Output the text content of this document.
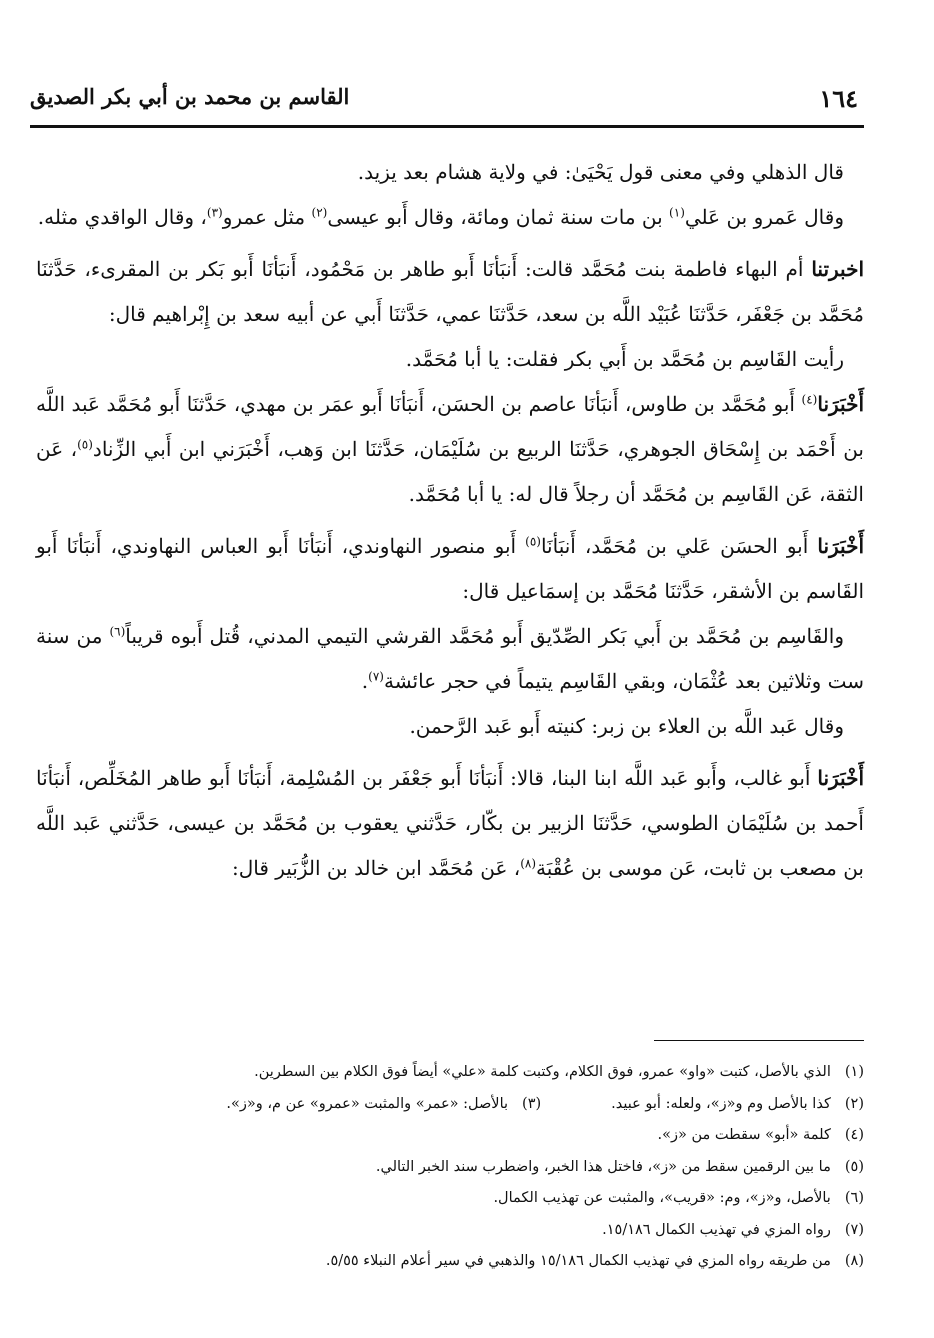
١٦٤
القاسم بن محمد بن أبي بكر الصديق

قال الذهلي وفي معنى قول يَحْيَىٰ: في ولاية هشام بعد يزيد.

وقال عَمرو بن عَلي$^{(١)}$ بن مات سنة ثمان ومائة، وقال أَبو عيسى$^{(٢)}$ مثل عمرو$^{(٣)}$، وقال الواقدي مثله.

اخبرتنا أم البهاء فاطمة بنت مُحَمَّد قالت: أَنبَأنَا أَبو طاهر بن مَحْمُود، أَنبَأنَا أَبو بَكر بن المقرىء، حَدَّثنَا مُحَمَّد بن جَعْفَر، حَدَّثنَا عُبَيْد اللَّه بن سعد، حَدَّثنَا عمي، حَدَّثنَا أَبي عن أبيه سعد بن إِبْراهيم قال:

رأيت القَاسِم بن مُحَمَّد بن أَبي بكر فقلت: يا أبا مُحَمَّد.

أَخْبَرَنا$^{(٤)}$ أَبو مُحَمَّد بن طاوس، أَنبَأنَا عاصم بن الحسَن، أَنبَأنَا أَبو عمَر بن مهدي، حَدَّثنَا أَبو مُحَمَّد عَبد اللَّه بن أَحْمَد بن إِسْحَاق الجوهري، حَدَّثنَا الربيع بن سُلَيْمَان، حَدَّثنَا ابن وَهب، أَخْبَرَني ابن أَبي الزِّناد$^{(٥)}$، عَن الثقة، عَن القَاسِم بن مُحَمَّد أن رجلاً قال له: يا أبا مُحَمَّد.

أَخْبَرَنا أَبو الحسَن عَلي بن مُحَمَّد، أَنبَأنَا$^{(٥)}$ أَبو منصور النهاوندي، أَنبَأنَا أَبو العباس النهاوندي، أَنبَأنَا أَبو القَاسم بن الأشقر، حَدَّثنَا مُحَمَّد بن إسمَاعيل قال:

والقَاسِم بن مُحَمَّد بن أَبي بَكر الصِّدّيق أَبو مُحَمَّد القرشي التيمي المدني، قُتل أَبوه قريباً$^{(٦)}$ من سنة ست وثلاثين بعد عُثْمَان، وبقي القَاسِم يتيماً في حجر عائشة$^{(٧)}$.

وقال عَبد اللَّه بن العلاء بن زبر: كنيته أَبو عَبد الرَّحمن.

أَخْبَرَنا أَبو غالب، وأَبو عَبد اللَّه ابنا البنا، قالا: أَنبَأنَا أَبو جَعْفَر بن المُسْلِمة، أَنبَأنَا أَبو طاهر المُخَلِّص، أَنبَأنَا أَحمد بن سُلَيْمَان الطوسي، حَدَّثنَا الزبير بن بكّار، حَدَّثني يعقوب بن مُحَمَّد بن عيسى، حَدَّثني عَبد اللَّه بن مصعب بن ثابت، عَن موسى بن عُقْبَة$^{(٨)}$، عَن مُحَمَّد ابن خالد بن الزُّبَير قال:

(١)الذي بالأصل، كتبت «واو» عمرو، فوق الكلام، وكتبت كلمة «علي» أيضاً فوق الكلام بين السطرين.
(٢)كذا بالأصل وم و«ز»، ولعله: أبو عبيد.(٣)بالأصل: «عمر» والمثبت «عمرو» عن م، و«ز».
(٤)كلمة «أبو» سقطت من «ز».
(٥)ما بين الرقمين سقط من «ز»، فاختل هذا الخبر، واضطرب سند الخبر التالي.
(٦)بالأصل، و«ز»، وم: «قريب»، والمثبت عن تهذيب الكمال.
(٧)رواه المزي في تهذيب الكمال ١٥/١٨٦.
(٨)من طريقه رواه المزي في تهذيب الكمال ١٥/١٨٦ والذهبي في سير أعلام النبلاء ٥/٥٥.
